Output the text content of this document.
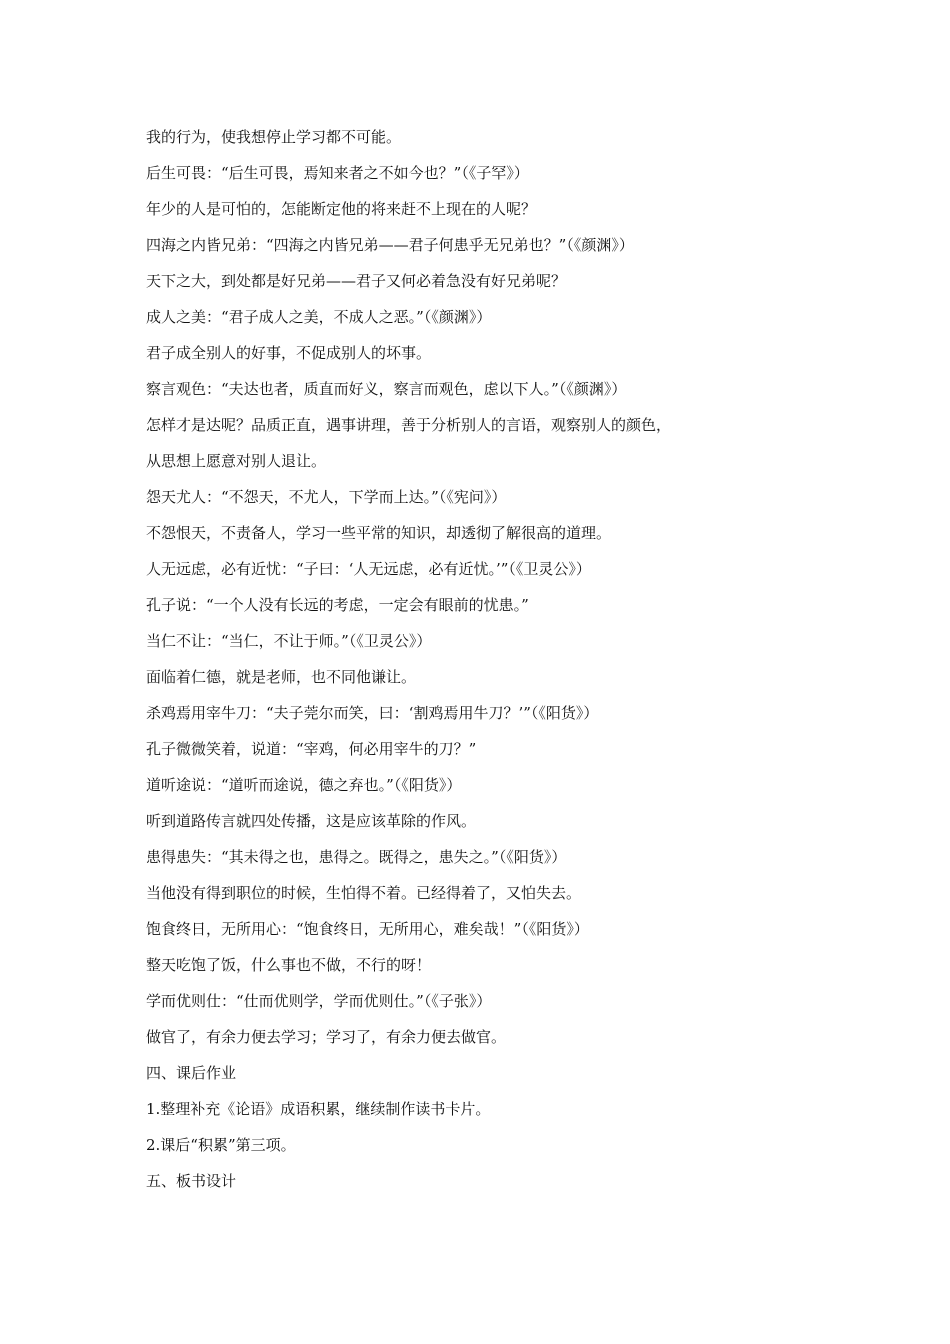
我的行为，使我想停止学习都不可能。

后生可畏：“后生可畏，焉知来者之不如今也？”（《子罕》）

年少的人是可怕的，怎能断定他的将来赶不上现在的人呢？

四海之内皆兄弟：“四海之内皆兄弟——君子何患乎无兄弟也？”（《颜渊》）

天下之大，到处都是好兄弟——君子又何必着急没有好兄弟呢？

成人之美：“君子成人之美，不成人之恶。”（《颜渊》）

君子成全别人的好事，不促成别人的坏事。

察言观色：“夫达也者，质直而好义，察言而观色，虑以下人。”（《颜渊》）

怎样才是达呢？品质正直，遇事讲理，善于分析别人的言语，观察别人的颜色，

从思想上愿意对别人退让。

怨天尤人：“不怨天，不尤人，下学而上达。”（《宪问》）

不怨恨天，不责备人，学习一些平常的知识，却透彻了解很高的道理。

人无远虑，必有近忧：“子曰：‘人无远虑，必有近忧。’”（《卫灵公》）

孔子说：“一个人没有长远的考虑，一定会有眼前的忧患。”

当仁不让：“当仁，不让于师。”（《卫灵公》）

面临着仁德，就是老师，也不同他谦让。

杀鸡焉用宰牛刀：“夫子莞尔而笑，曰：‘割鸡焉用牛刀？’”（《阳货》）

孔子微微笑着，说道：“宰鸡，何必用宰牛的刀？”

道听途说：“道听而途说，德之弃也。”（《阳货》）

听到道路传言就四处传播，这是应该革除的作风。

患得患失：“其未得之也，患得之。既得之，患失之。”（《阳货》）

当他没有得到职位的时候，生怕得不着。已经得着了，又怕失去。

饱食终日，无所用心：“饱食终日，无所用心，难矣哉！”（《阳货》）

整天吃饱了饭，什么事也不做，不行的呀！

学而优则仕：“仕而优则学，学而优则仕。”（《子张》）

做官了，有余力便去学习；学习了，有余力便去做官。

四、课后作业

1.整理补充《论语》成语积累，继续制作读书卡片。

2.课后“积累”第三项。

五、板书设计
